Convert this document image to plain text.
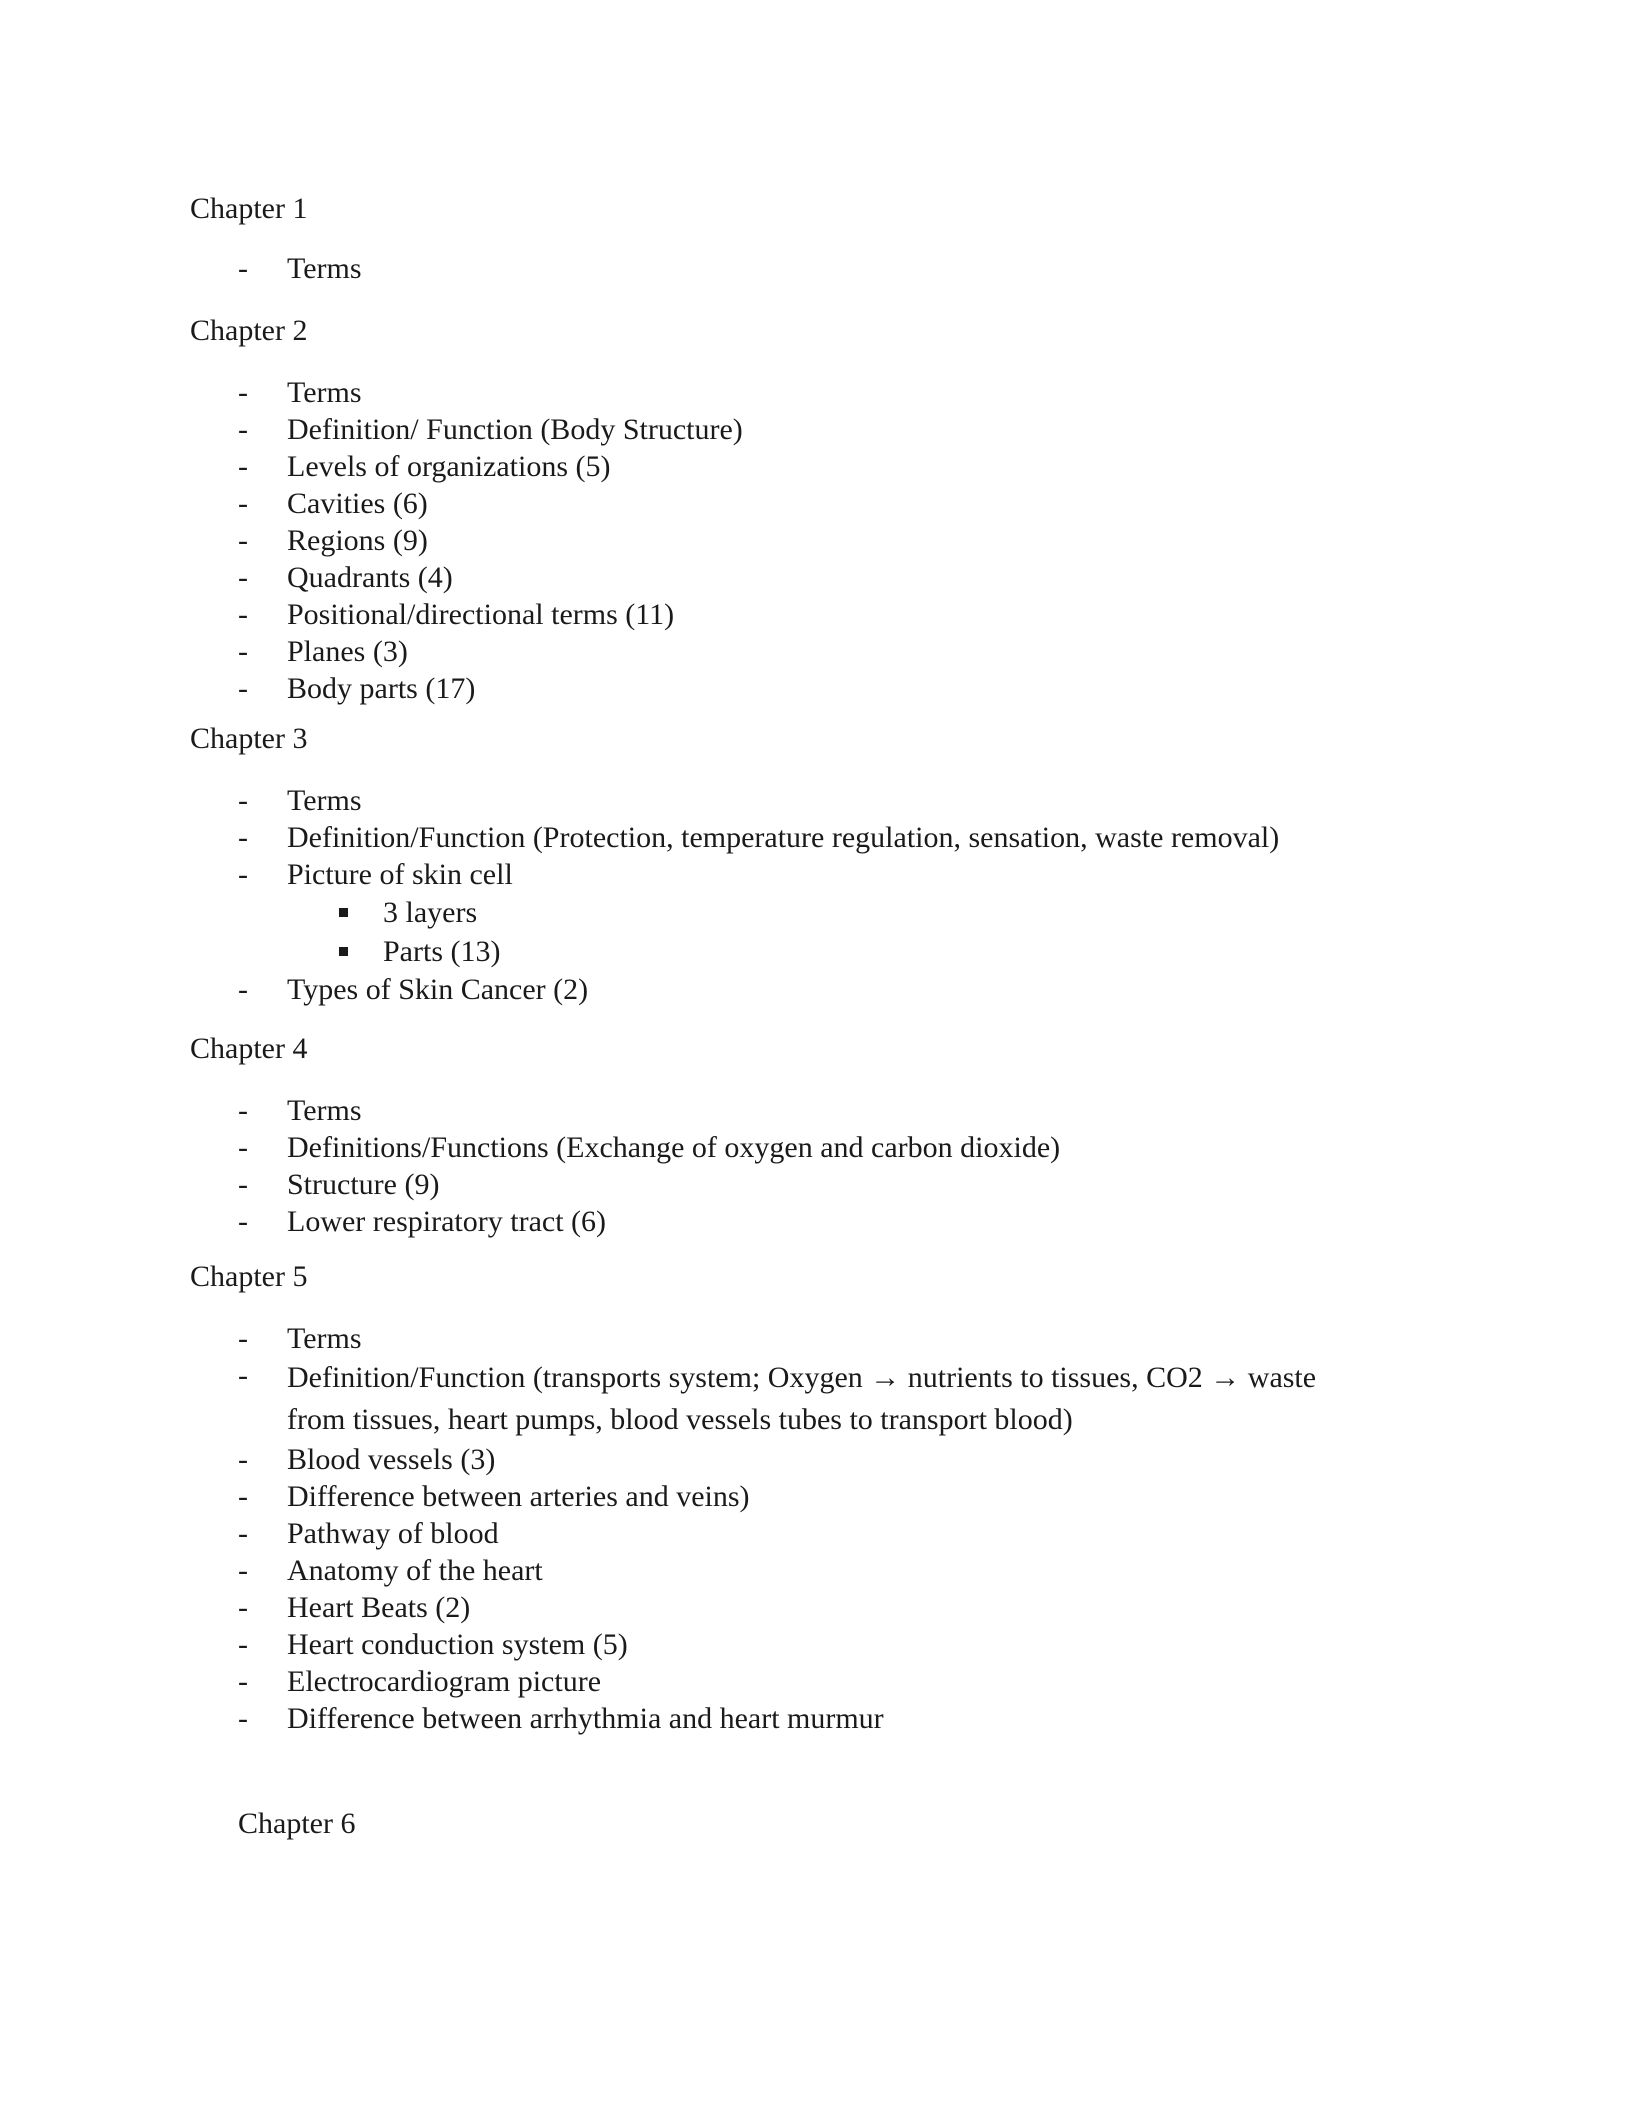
Chapter 1
- Terms
Chapter 2
- Terms
- Definition/ Function (Body Structure)
- Levels of organizations (5)
- Cavities (6)
- Regions (9)
- Quadrants (4)
- Positional/directional terms (11)
- Planes (3)
- Body parts (17)
Chapter 3
- Terms
- Definition/Function (Protection, temperature regulation, sensation, waste removal)
- Picture of skin cell
3 layers
Parts (13)
- Types of Skin Cancer (2)
Chapter 4
- Terms
- Definitions/Functions (Exchange of oxygen and carbon dioxide)
- Structure (9)
- Lower respiratory tract (6)
Chapter 5
- Terms
- Definition/Function (transports system; Oxygen → nutrients to tissues, CO2 → waste
from tissues, heart pumps, blood vessels tubes to transport blood)
- Blood vessels (3)
- Difference between arteries and veins)
- Pathway of blood
- Anatomy of the heart
- Heart Beats (2)
- Heart conduction system (5)
- Electrocardiogram picture
- Difference between arrhythmia and heart murmur
Chapter 6
